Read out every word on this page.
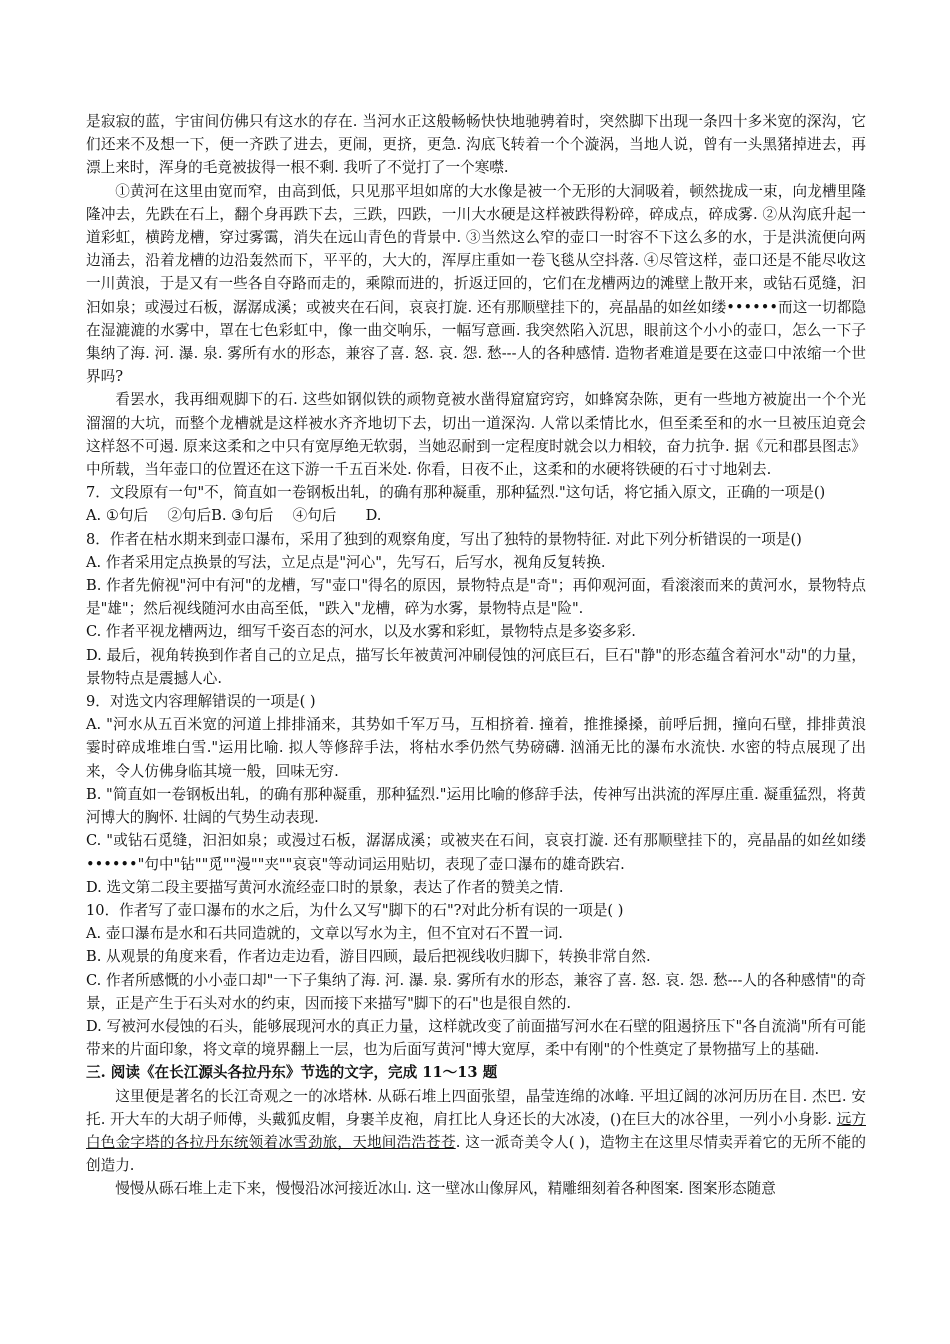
是寂寂的蓝，宇宙间仿佛只有这水的存在. 当河水正这般畅畅快快地驰骋着时，突然脚下出现一条四十多米宽的深沟，它们还来不及想一下，便一齐跌了进去，更闹，更挤，更急. 沟底飞转着一个个漩涡，当地人说，曾有一头黑猪掉进去，再漂上来时，浑身的毛竟被拔得一根不剩. 我听了不觉打了一个寒噤.

①黄河在这里由宽而窄，由高到低，只见那平坦如席的大水像是被一个无形的大洞吸着，顿然拢成一束，向龙槽里隆隆冲去，先跌在石上，翻个身再跌下去，三跌，四跌，一川大水硬是这样被跌得粉碎，碎成点，碎成雾. ②从沟底升起一道彩虹，横跨龙槽，穿过雾霭，消失在远山青色的背景中. ③当然这么窄的壶口一时容不下这么多的水，于是洪流便向两边涌去，沿着龙槽的边沿轰然而下，平平的，大大的，浑厚庄重如一卷飞毯从空抖落. ④尽管这样，壶口还是不能尽收这一川黄浪，于是又有一些各自夺路而走的，乘隙而进的，折返迂回的，它们在龙槽两边的滩壁上散开来，或钻石觅缝，汩汩如泉；或漫过石板，潺潺成溪；或被夹在石间，哀哀打旋. 还有那顺壁挂下的，亮晶晶的如丝如缕••••••而这一切都隐在湿漉漉的水雾中，罩在七色彩虹中，像一曲交响乐，一幅写意画. 我突然陷入沉思，眼前这个小小的壶口，怎么一下子集纳了海. 河. 瀑. 泉. 雾所有水的形态，兼容了喜. 怒. 哀. 怨. 愁---人的各种感情. 造物者难道是要在这壶口中浓缩一个世界吗?

看罢水，我再细观脚下的石. 这些如钢似铁的顽物竟被水凿得窟窟窍窍，如蜂窝杂陈，更有一些地方被旋出一个个光溜溜的大坑，而整个龙槽就是这样被水齐齐地切下去，切出一道深沟. 人常以柔情比水，但至柔至和的水一旦被压迫竟会这样怒不可遏. 原来这柔和之中只有宽厚绝无软弱，当她忍耐到一定程度时就会以力相较，奋力抗争. 据《元和郡县图志》中所载，当年壶口的位置还在这下游一千五百米处. 你看，日夜不止，这柔和的水硬将铁硬的石寸寸地剁去.

7．文段原有一句"不，简直如一卷钢板出轧，的确有那种凝重，那种猛烈."这句话，将它插入原文，正确的一项是()

A. ①句后　 ②句后B. ③句后　 ④句后　　D.

8．作者在枯水期来到壶口瀑布，采用了独到的观察角度，写出了独特的景物特征. 对此下列分析错误的一项是()

A. 作者采用定点换景的写法，立足点是"河心"，先写石，后写水，视角反复转换.

B. 作者先俯视"河中有河"的龙槽，写"壶口"得名的原因，景物特点是"奇"；再仰观河面，看滚滚而来的黄河水，景物特点是"雄"；然后视线随河水由高至低，"跌入"龙槽，碎为水雾，景物特点是"险".

C. 作者平视龙槽两边，细写千姿百态的河水，以及水雾和彩虹，景物特点是多姿多彩.

D. 最后，视角转换到作者自己的立足点，描写长年被黄河冲刷侵蚀的河底巨石，巨石"静"的形态蕴含着河水"动"的力量，景物特点是震撼人心.

9．对选文内容理解错误的一项是( )

A. "河水从五百米宽的河道上排排涌来，其势如千军万马，互相挤着. 撞着，推推搡搡，前呼后拥，撞向石壁，排排黄浪霎时碎成堆堆白雪."运用比喻. 拟人等修辞手法，将枯水季仍然气势磅礴. 汹涌无比的瀑布水流快. 水密的特点展现了出来，令人仿佛身临其境一般，回味无穷.

B. "简直如一卷钢板出轧，的确有那种凝重，那种猛烈."运用比喻的修辞手法，传神写出洪流的浑厚庄重. 凝重猛烈，将黄河博大的胸怀. 壮阔的气势生动表现.

C. "或钻石觅缝，汩汩如泉；或漫过石板，潺潺成溪；或被夹在石间，哀哀打漩. 还有那顺壁挂下的，亮晶晶的如丝如缕••••••"句中"钻""觅""漫""夹""哀哀"等动词运用贴切，表现了壶口瀑布的雄奇跌宕.

D. 选文第二段主要描写黄河水流经壶口时的景象，表达了作者的赞美之情.

10．作者写了壶口瀑布的水之后，为什么又写"脚下的石"?对此分析有误的一项是( )

A. 壶口瀑布是水和石共同造就的，文章以写水为主，但不宜对石不置一词.

B. 从观景的角度来看，作者边走边看，游目四顾，最后把视线收归脚下，转换非常自然.

C. 作者所感慨的小小壶口却"一下子集纳了海. 河. 瀑. 泉. 雾所有水的形态，兼容了喜. 怒. 哀. 怨. 愁---人的各种感情"的奇景，正是产生于石头对水的约束，因而接下来描写"脚下的石"也是很自然的.

D. 写被河水侵蚀的石头，能够展现河水的真正力量，这样就改变了前面描写河水在石壁的阻遏挤压下"各自流淌"所有可能带来的片面印象，将文章的境界翻上一层，也为后面写黄河"博大宽厚，柔中有刚"的个性奠定了景物描写上的基础.

三. 阅读《在长江源头各拉丹东》节选的文字，完成 11～13 题

这里便是著名的长江奇观之一的冰塔林. 从砾石堆上四面张望，晶莹连绵的冰峰. 平坦辽阔的冰河历历在目. 杰巴. 安托. 开大车的大胡子师傅，头戴狐皮帽，身裹羊皮袍，肩扛比人身还长的大冰凌，()在巨大的冰谷里，一列小小身影. 远方白色金字塔的各拉丹东统领着冰雪劲旅，天地间浩浩苍苍. 这一派奇美令人( )，造物主在这里尽情卖弄着它的无所不能的创造力.

慢慢从砾石堆上走下来，慢慢沿冰河接近冰山. 这一壁冰山像屏风，精雕细刻着各种图案. 图案形态随意
